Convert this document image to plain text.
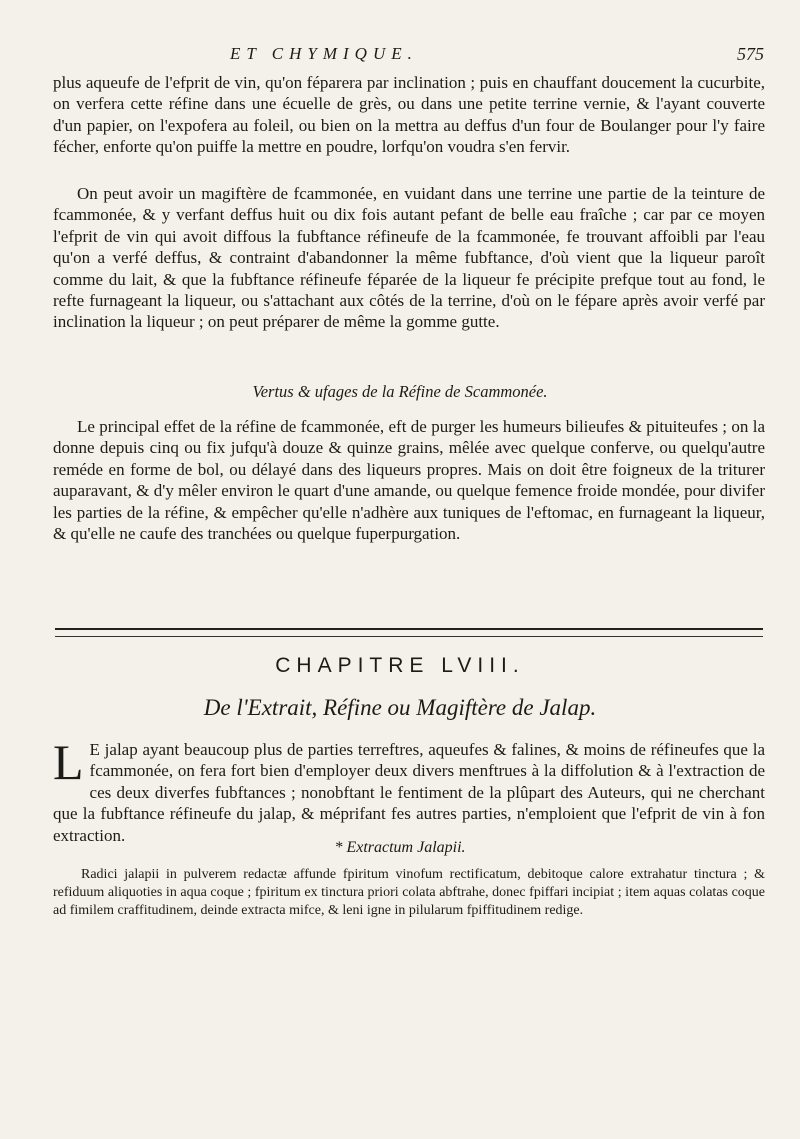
ET CHYMIQUE.	575

plus aqueufe de l'efprit de vin, qu'on féparera par inclination ; puis en chauffant doucement la cucurbite, on verfera cette réfine dans une écuelle de grès, ou dans une petite terrine vernie, & l'ayant couverte d'un papier, on l'expofera au foleil, ou bien on la mettra au deffus d'un four de Boulanger pour l'y faire fécher, enforte qu'on puiffe la mettre en poudre, lorfqu'on voudra s'en fervir.

On peut avoir un magiftère de fcammonée, en vuidant dans une terrine une partie de la teinture de fcammonée, & y verfant deffus huit ou dix fois autant pefant de belle eau fraîche ; car par ce moyen l'efprit de vin qui avoit diffous la fubftance réfineufe de la fcammonée, fe trouvant affoibli par l'eau qu'on a verfé deffus, & contraint d'abandonner la même fubftance, d'où vient que la liqueur paroît comme du lait, & que la fubftance réfineufe féparée de la liqueur fe précipite prefque tout au fond, le refte furnageant la liqueur, ou s'attachant aux côtés de la terrine, d'où on le fépare après avoir verfé par inclination la liqueur ; on peut préparer de même la gomme gutte.

Vertus & ufages de la Réfine de Scammonée.

Le principal effet de la réfine de fcammonée, eft de purger les humeurs bilieufes & pituiteufes ; on la donne depuis cinq ou fix jufqu'à douze & quinze grains, mêlée avec quelque conferve, ou quelqu'autre reméde en forme de bol, ou délayé dans des liqueurs propres. Mais on doit être foigneux de la triturer auparavant, & d'y mêler environ le quart d'une amande, ou quelque femence froide mondée, pour divifer les parties de la réfine, & empêcher qu'elle n'adhère aux tuniques de l'eftomac, en furnageant la liqueur, & qu'elle ne caufe des tranchées ou quelque fuperpurgation.

CHAPITRE LVIII.
De l'Extrait, Réfine ou Magiftère de Jalap.
L E jalap ayant beaucoup plus de parties terreftres, aqueufes & falines, & moins de réfineufes que la fcammonée, on fera fort bien d'employer deux divers menftrues à la diffolution & à l'extraction de ces deux diverfes fubftances ; nonobftant le fentiment de la plûpart des Auteurs, qui ne cherchant que la fubftance réfineufe du jalap, & méprifant fes autres parties, n'emploient que l'efprit de vin à fon extraction.

* Extractum Jalapii.

Radici jalapii in pulverem redactæ affunde fpiritum vinofum rectificatum, debitoque calore extrahatur tinctura ; & refiduum aliquoties in aqua coque ; fpiritum ex tinctura priori colata abftrahe, donec fpiffari incipiat ; item aquas colatas coque ad fimilem craffitudinem, deinde extracta mifce, & leni igne in pilularum fpiffitudinem redige.
